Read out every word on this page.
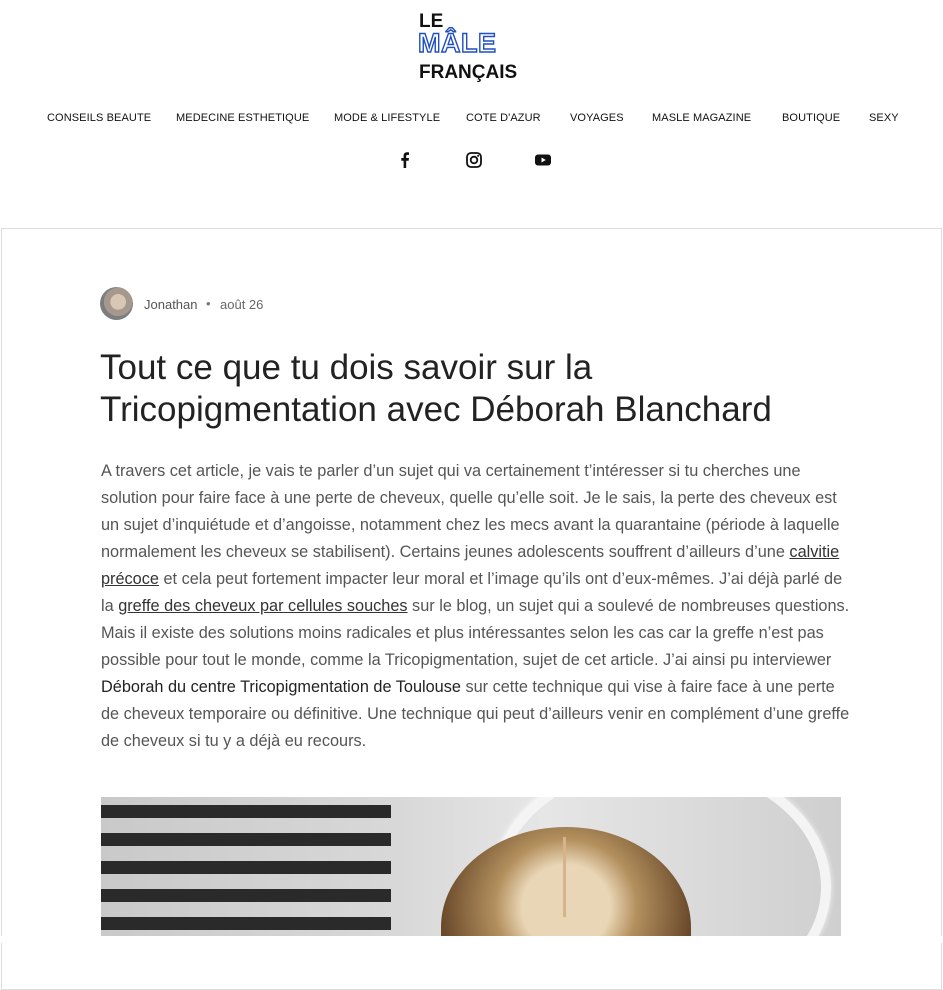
LE
MÂLE
FRANÇAIS
CONSEILS BEAUTE MEDECINE ESTHETIQUE MODE & LIFESTYLE COTE D'AZUR	VOYAGES	MASLE MAGAZINE	BOUTIQUE	SEXY
Jonathan • août 26
Tout ce que tu dois savoir sur la Tricopigmentation avec Déborah Blanchard

A travers cet article, je vais te parler d’un sujet qui va certainement t’intéresser si tu cherches une solution pour faire face à une perte de cheveux, quelle qu’elle soit. Je le sais, la perte des cheveux est un sujet d’inquiétude et d’angoisse, notamment chez les mecs avant la quarantaine (période à laquelle normalement les cheveux se stabilisent). Certains jeunes adolescents souffrent d’ailleurs d’une calvitie précoce et cela peut fortement impacter leur moral et l’image qu’ils ont d’eux-mêmes. J’ai déjà parlé de la greffe des cheveux par cellules souches sur le blog, un sujet qui a soulevé de nombreuses questions. Mais il existe des solutions moins radicales et plus intéressantes selon les cas car la greffe n’est pas possible pour tout le monde, comme la Tricopigmentation, sujet de cet article. J’ai ainsi pu interviewer Déborah du centre Tricopigmentation de Toulouse sur cette technique qui vise à faire face à une perte de cheveux temporaire ou définitive. Une technique qui peut d’ailleurs venir en complément d’une greffe de cheveux si tu y a déjà eu recours.
